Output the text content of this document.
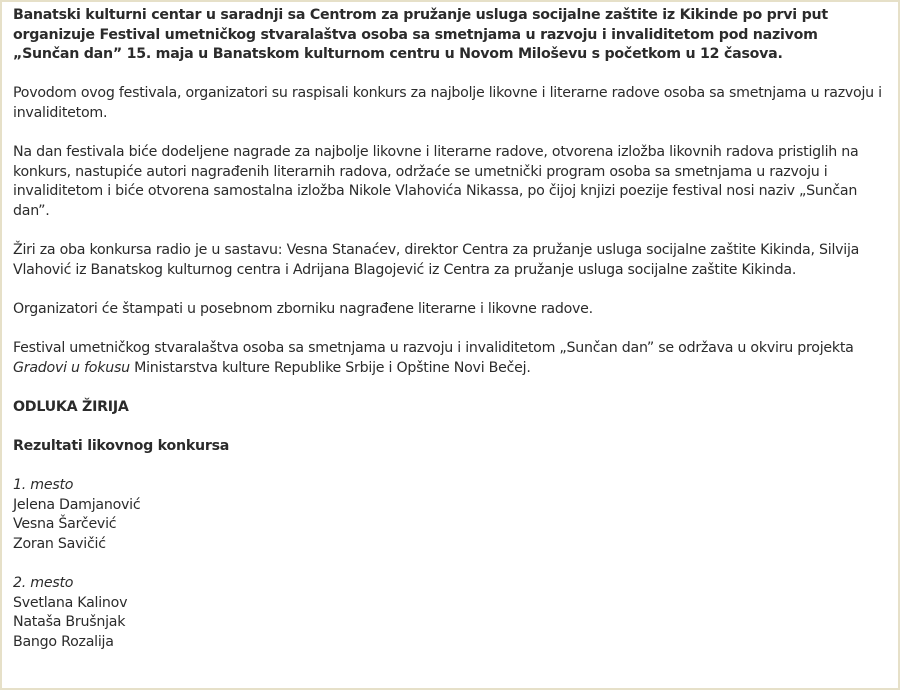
Banatski kulturni centar u saradnji sa Centrom za pružanje usluga socijalne zaštite iz Kikinde po prvi put organizuje Festival umetničkog stvaralaštva osoba sa smetnjama u razvoju i invaliditetom pod nazivom „Sunčan dan” 15. maja u Banatskom kulturnom centru u Novom Miloševu s početkom u 12 časova.

Povodom ovog festivala, organizatori su raspisali konkurs za najbolje likovne i literarne radove osoba sa smetnjama u razvoju i invaliditetom.

Na dan festivala biće dodeljene nagrade za najbolje likovne i literarne radove, otvorena izložba likovnih radova pristiglih na konkurs, nastupiće autori nagrađenih literarnih radova, održaće se umetnički program osoba sa smetnjama u razvoju i invaliditetom i biće otvorena samostalna izložba Nikole Vlahovića Nikassa, po čijoj knjizi poezije festival nosi naziv „Sunčan dan”.

Žiri za oba konkursa radio je u sastavu: Vesna Stanaćev, direktor Centra za pružanje usluga socijalne zaštite Kikinda, Silvija Vlahović iz Banatskog kulturnog centra i Adrijana Blagojević iz Centra za pružanje usluga socijalne zaštite Kikinda.

Organizatori će štampati u posebnom zborniku nagrađene literarne i likovne radove.

Festival umetničkog stvaralaštva osoba sa smetnjama u razvoju i invaliditetom „Sunčan dan” se održava u okviru projekta Gradovi u fokusu Ministarstva kulture Republike Srbije i Opštine Novi Bečej.

ODLUKA ŽIRIJA

Rezultati likovnog konkursa

1. mesto
Jelena Damjanović
Vesna Šarčević
Zoran Savičić

2. mesto
Svetlana Kalinov
Nataša Brušnjak
Bango Rozalija
